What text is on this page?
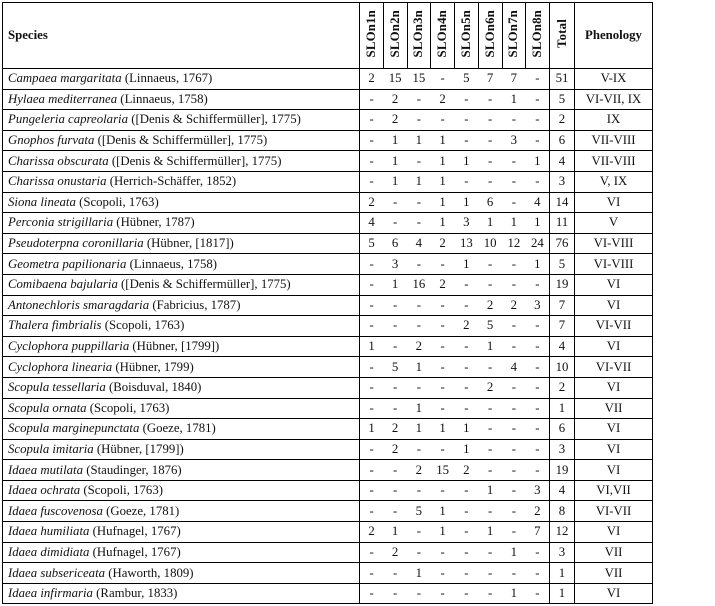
Species	SLOn1n	SLOn2n	SLOn3n	SLOn4n	SLOn5n	SLOn6n	SLOn7n	SLOn8n	Total	Phenology
Campaea margaritata (Linnaeus, 1767)	2	15	15	-	5	7	7	-	51	V-IX
Hylaea mediterranea (Linnaeus, 1758)	-	2	-	2	-	-	1	-	5	VI-VII, IX
Pungeleria capreolaria ([Denis & Schiffermüller], 1775)	-	2	-	-	-	-	-	-	2	IX
Gnophos furvata ([Denis & Schiffermüller], 1775)	-	1	1	1	-	-	3	-	6	VII-VIII
Charissa obscurata ([Denis & Schiffermüller], 1775)	-	1	-	1	1	-	-	1	4	VII-VIII
Charissa onustaria (Herrich-Schäffer, 1852)	-	1	1	1	-	-	-	-	3	V, IX
Siona lineata (Scopoli, 1763)	2	-	-	1	1	6	-	4	14	VI
Perconia strigillaria (Hübner, 1787)	4	-	-	1	3	1	1	1	11	V
Pseudoterpna coronillaria (Hübner, [1817])	5	6	4	2	13	10	12	24	76	VI-VIII
Geometra papilionaria (Linnaeus, 1758)	-	3	-	-	1	-	-	1	5	VI-VIII
Comibaena bajularia ([Denis & Schiffermüller], 1775)	-	1	16	2	-	-	-	-	19	VI
Antonechloris smaragdaria (Fabricius, 1787)	-	-	-	-	-	2	2	3	7	VI
Thalera fimbrialis (Scopoli, 1763)	-	-	-	-	2	5	-	-	7	VI-VII
Cyclophora puppillaria (Hübner, [1799])	1	-	2	-	-	1	-	-	4	VI
Cyclophora linearia (Hübner, 1799)	-	5	1	-	-	-	4	-	10	VI-VII
Scopula tessellaria (Boisduval, 1840)	-	-	-	-	-	2	-	-	2	VI
Scopula ornata (Scopoli, 1763)	-	-	1	-	-	-	-	-	1	VII
Scopula marginepunctata (Goeze, 1781)	1	2	1	1	1	-	-	-	6	VI
Scopula imitaria (Hübner, [1799])	-	2	-	-	1	-	-	-	3	VI
Idaea mutilata (Staudinger, 1876)	-	-	2	15	2	-	-	-	19	VI
Idaea ochrata (Scopoli, 1763)	-	-	-	-	-	1	-	3	4	VI,VII
Idaea fuscovenosa (Goeze, 1781)	-	-	5	1	-	-	-	2	8	VI-VII
Idaea humiliata (Hufnagel, 1767)	2	1	-	1	-	1	-	7	12	VI
Idaea dimidiata (Hufnagel, 1767)	-	2	-	-	-	-	1	-	3	VII
Idaea subsericeata (Haworth, 1809)	-	-	1	-	-	-	-	-	1	VII
Idaea infirmaria (Rambur, 1833)	-	-	-	-	-	-	1	-	1	VI
